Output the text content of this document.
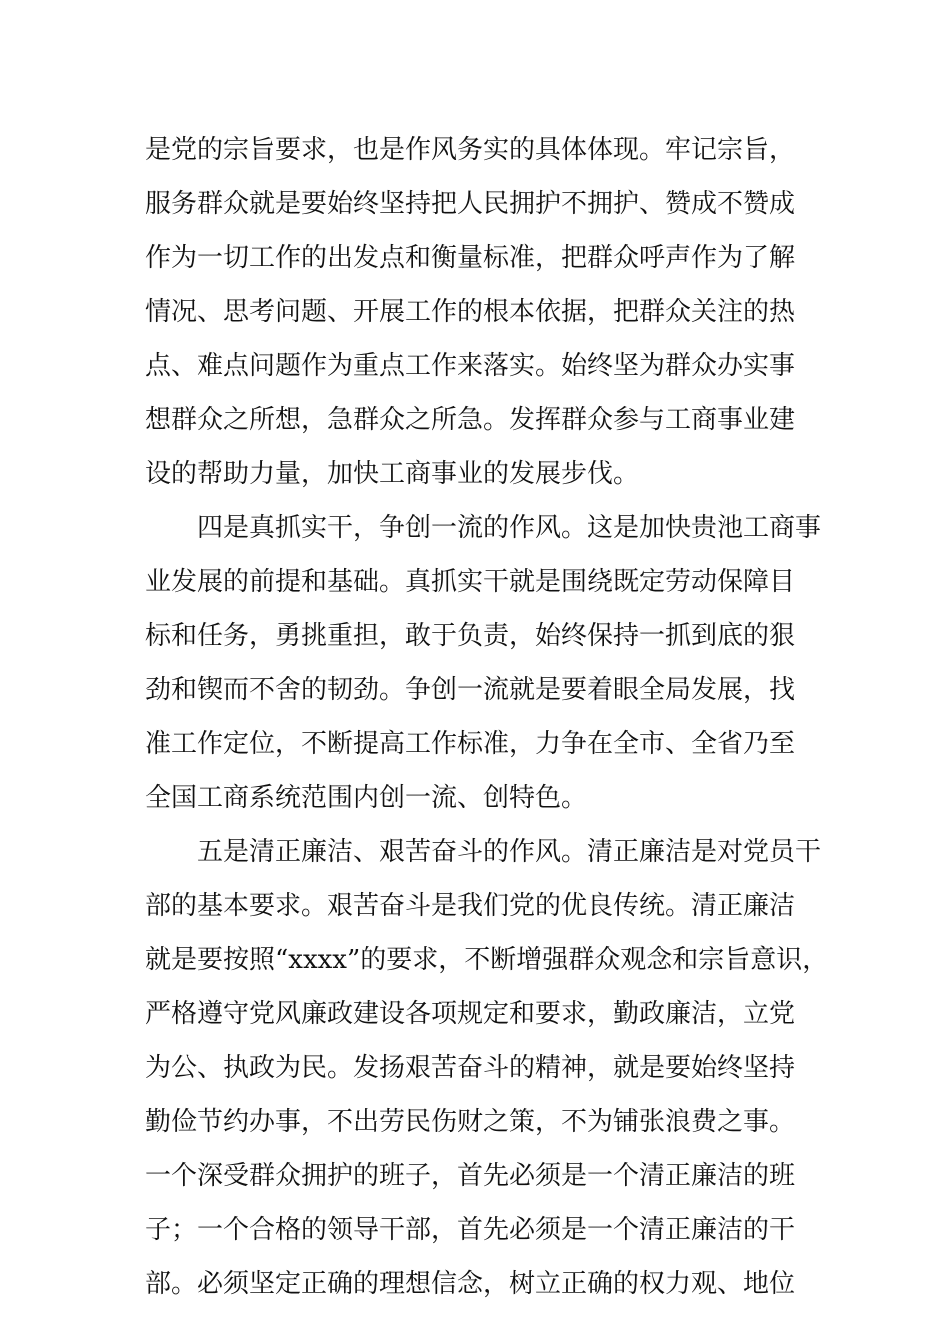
是党的宗旨要求，也是作风务实的具体体现。牢记宗旨，
服务群众就是要始终坚持把人民拥护不拥护、赞成不赞成
作为一切工作的出发点和衡量标准，把群众呼声作为了解
情况、思考问题、开展工作的根本依据，把群众关注的热
点、难点问题作为重点工作来落实。始终坚为群众办实事
想群众之所想，急群众之所急。发挥群众参与工商事业建
设的帮助力量，加快工商事业的发展步伐。
　　四是真抓实干，争创一流的作风。这是加快贵池工商事
业发展的前提和基础。真抓实干就是围绕既定劳动保障目
标和任务，勇挑重担，敢于负责，始终保持一抓到底的狠
劲和锲而不舍的韧劲。争创一流就是要着眼全局发展，找
准工作定位，不断提高工作标准，力争在全市、全省乃至
全国工商系统范围内创一流、创特色。
　　五是清正廉洁、艰苦奋斗的作风。清正廉洁是对党员干
部的基本要求。艰苦奋斗是我们党的优良传统。清正廉洁
就是要按照“xxxx”的要求，不断增强群众观念和宗旨意识，
严格遵守党风廉政建设各项规定和要求，勤政廉洁，立党
为公、执政为民。发扬艰苦奋斗的精神，就是要始终坚持
勤俭节约办事，不出劳民伤财之策，不为铺张浪费之事。
一个深受群众拥护的班子，首先必须是一个清正廉洁的班
子；一个合格的领导干部，首先必须是一个清正廉洁的干
部。必须坚定正确的理想信念，树立正确的权力观、地位
